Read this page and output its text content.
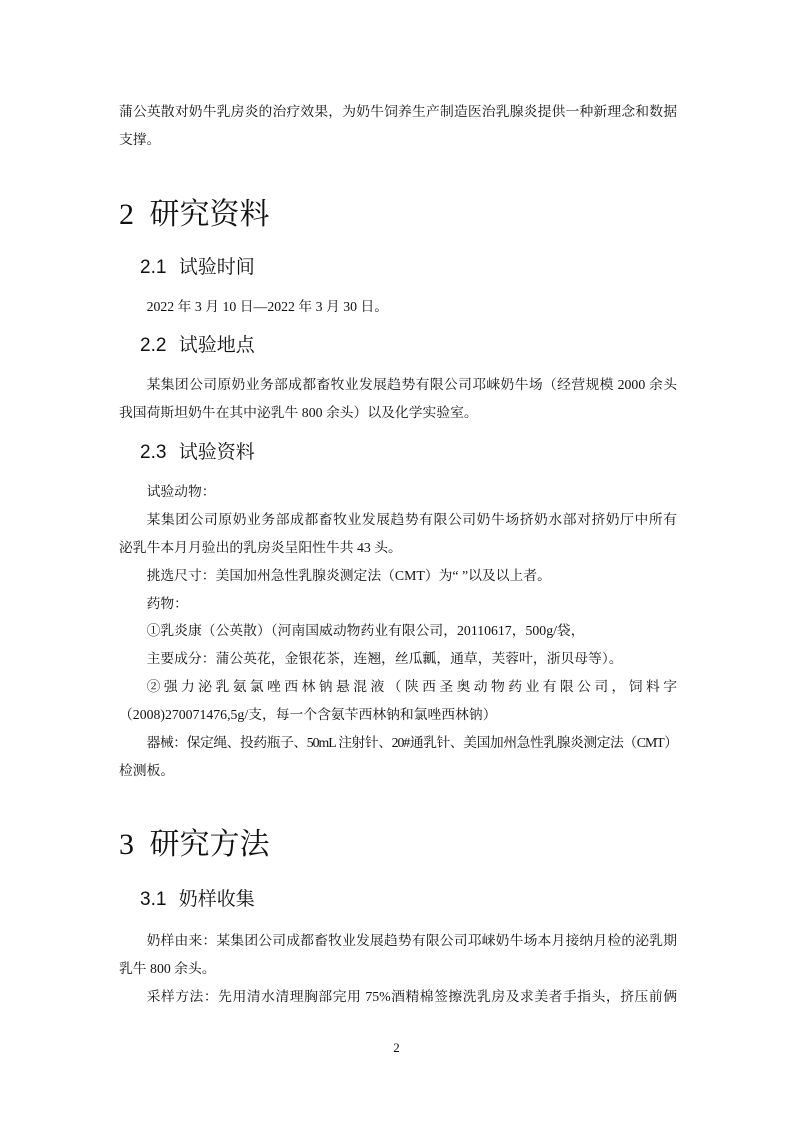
蒲公英散对奶牛乳房炎的治疗效果，为奶牛饲养生产制造医治乳腺炎提供一种新理念和数据
支撑。
2 研究资料
2.1 试验时间
2022 年 3 月 10 日—2022 年 3 月 30 日。
2.2 试验地点
某集团公司原奶业务部成都畜牧业发展趋势有限公司邛崃奶牛场（经营规模 2000 余头
我国荷斯坦奶牛在其中泌乳牛 800 余头）以及化学实验室。
2.3 试验资料
试验动物：
某集团公司原奶业务部成都畜牧业发展趋势有限公司奶牛场挤奶水部对挤奶厅中所有
泌乳牛本月月验出的乳房炎呈阳性牛共 43 头。
挑选尺寸：美国加州急性乳腺炎测定法（CMT）为“ ”以及以上者。
药物：
①乳炎康（公英散）（河南国威动物药业有限公司，20110617，500g/袋，
主要成分：蒲公英花，金银花茶，连翘，丝瓜瓤，通草，芙蓉叶，浙贝母等）。
②强力泌乳氨氯唑西林钠悬混液（陕西圣奥动物药业有限公司，饲料字
（2008)270071476,5g/支，每一个含氨苄西林钠和氯唑西林钠）
器械：保定绳、投药瓶子、50mL 注射针、20#通乳针、美国加州急性乳腺炎测定法（CMT）
检测板。
3 研究方法
3.1 奶样收集
奶样由来：某集团公司成都畜牧业发展趋势有限公司邛崃奶牛场本月接纳月检的泌乳期
乳牛 800 余头。
采样方法：先用清水清理胸部完用 75%酒精棉签擦洗乳房及求美者手指头，挤压前俩
2
